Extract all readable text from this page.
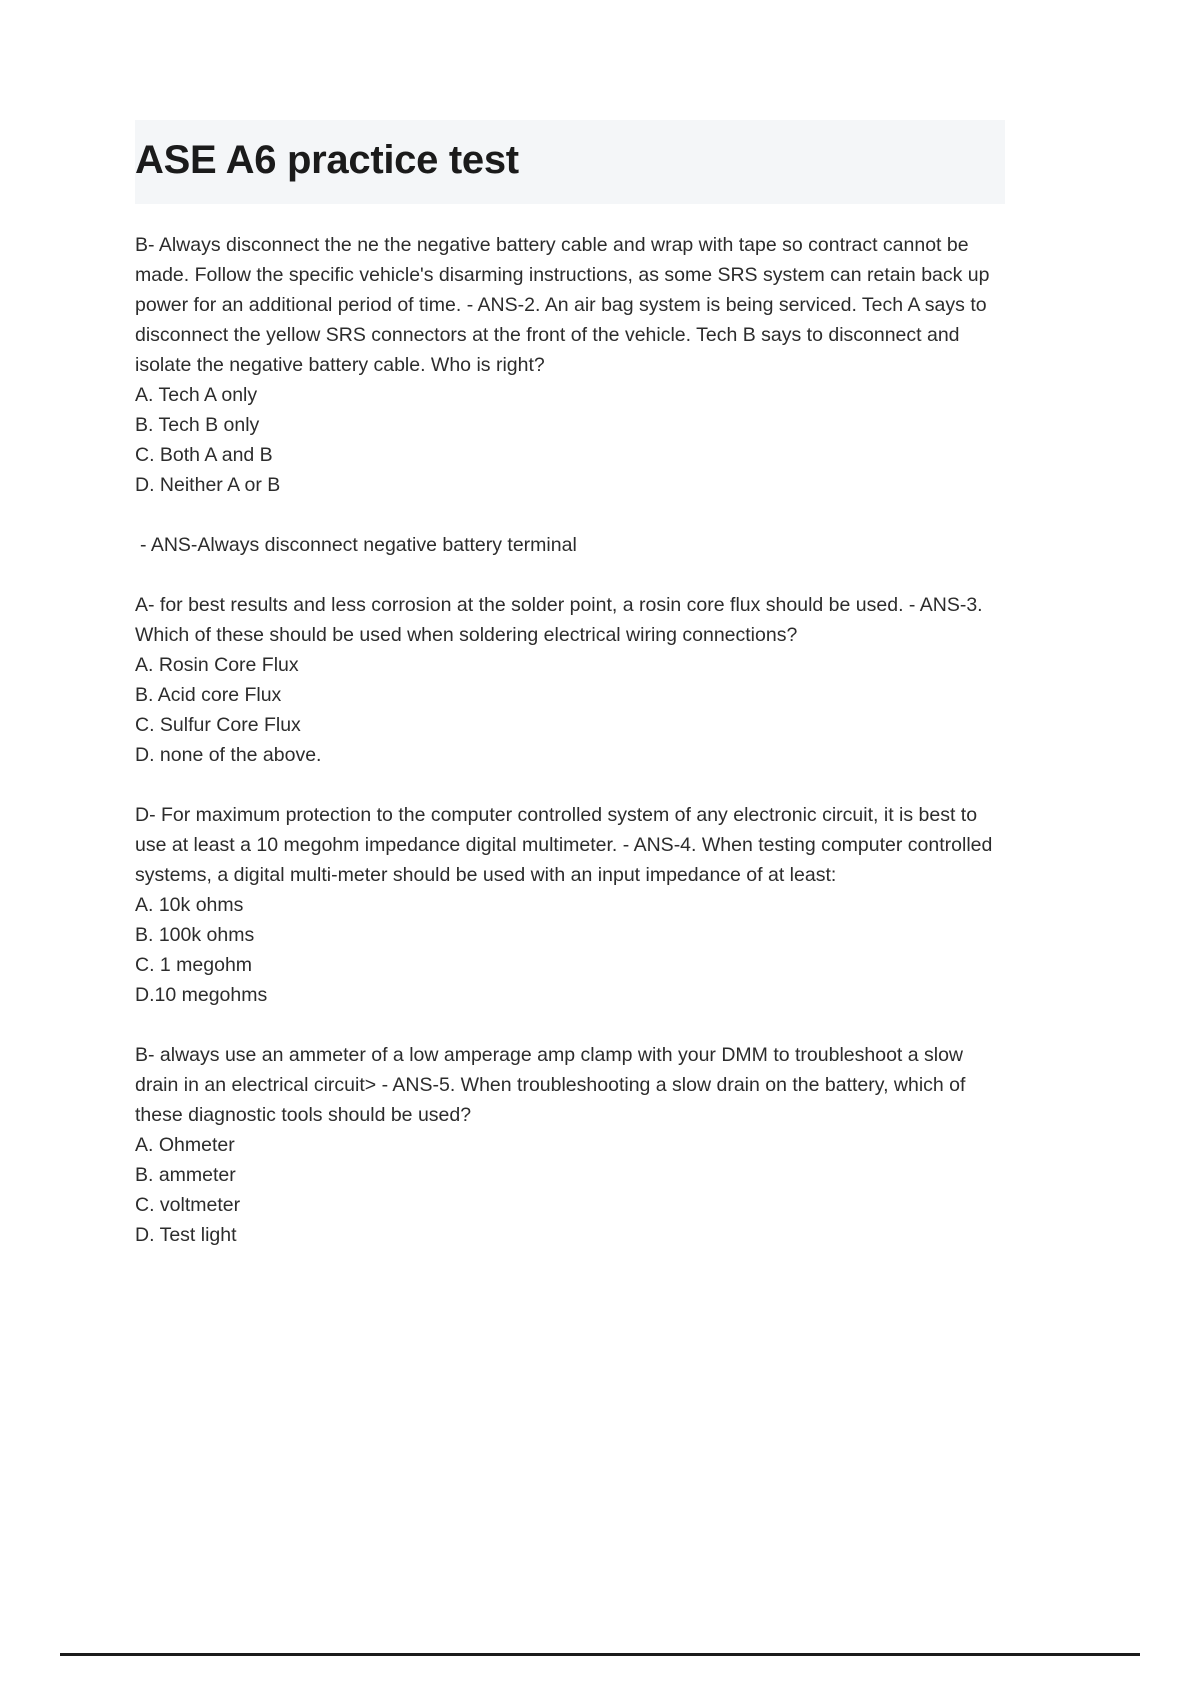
ASE A6 practice test

B- Always disconnect the ne the negative battery cable and wrap with tape so contract cannot be made. Follow the specific vehicle's disarming instructions, as some SRS system can retain back up power for an additional period of time. - ANS-2. An air bag system is being serviced. Tech A says to disconnect the yellow SRS connectors at the front of the vehicle. Tech B says to disconnect and isolate the negative battery cable. Who is right?

A. Tech A only
B. Tech B only
C. Both A and B
D. Neither A or B

- ANS-Always disconnect negative battery terminal

A- for best results and less corrosion at the solder point, a rosin core flux should be used. - ANS-3. Which of these should be used when soldering electrical wiring connections?

A. Rosin Core Flux
B. Acid core Flux
C. Sulfur Core Flux
D. none of the above.

D- For maximum protection to the computer controlled system of any electronic circuit, it is best to use at least a 10 megohm impedance digital multimeter. - ANS-4. When testing computer controlled systems, a digital multi-meter should be used with an input impedance of at least:

A. 10k ohms
B. 100k ohms
C. 1 megohm
D.10 megohms

B- always use an ammeter of a low amperage amp clamp with your DMM to troubleshoot a slow drain in an electrical circuit> - ANS-5. When troubleshooting a slow drain on the battery, which of these diagnostic tools should be used?

A. Ohmeter
B. ammeter
C. voltmeter
D. Test light
